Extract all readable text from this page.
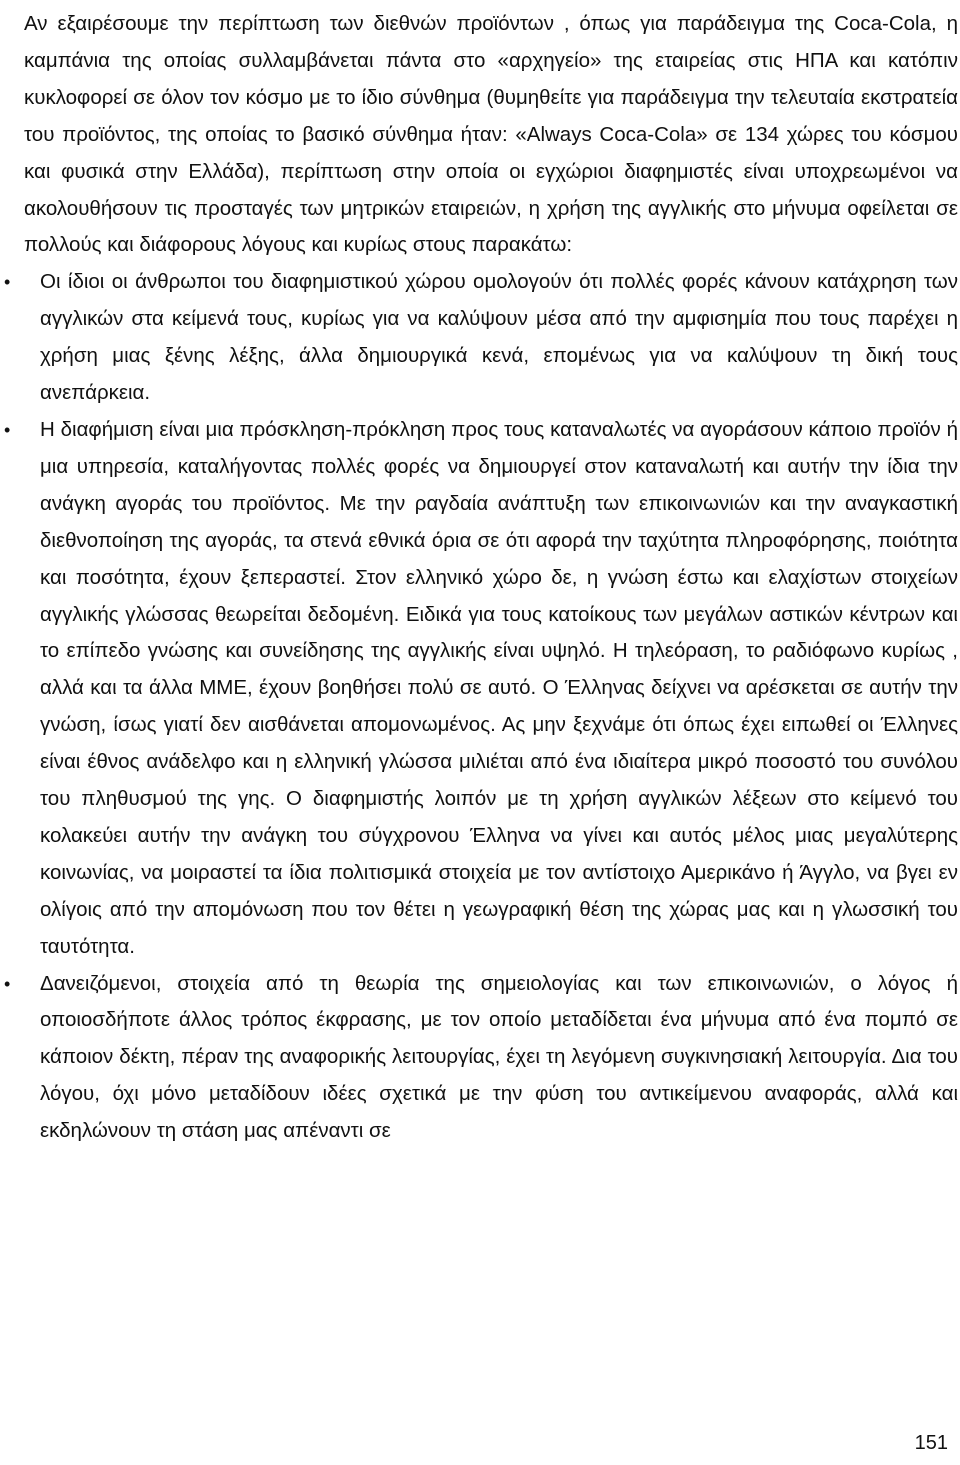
Αν εξαιρέσουμε την περίπτωση των διεθνών προϊόντων , όπως για παράδειγμα της Coca-Cola, η καμπάνια της οποίας συλλαμβάνεται πάντα στο «αρχηγείο» της εταιρείας στις ΗΠΑ και κατόπιν κυκλοφορεί σε όλον τον κόσμο με το ίδιο σύνθημα (θυμηθείτε για παράδειγμα την τελευταία εκστρατεία του προϊόντος, της οποίας το βασικό σύνθημα ήταν: «Always Coca-Cola» σε 134 χώρες του κόσμου και φυσικά στην Ελλάδα), περίπτωση στην οποία οι εγχώριοι διαφημιστές είναι υποχρεωμένοι να ακολουθήσουν τις προσταγές των μητρικών εταιρειών, η χρήση της αγγλικής στο μήνυμα οφείλεται σε πολλούς και διάφορους λόγους και κυρίως στους παρακάτω:

• Οι ίδιοι οι άνθρωποι του διαφημιστικού χώρου ομολογούν ότι πολλές φορές κάνουν κατάχρηση των αγγλικών στα κείμενά τους, κυρίως για να καλύψουν μέσα από την αμφισημία που τους παρέχει η χρήση μιας ξένης λέξης, άλλα δημιουργικά κενά, επομένως για να καλύψουν τη δική τους ανεπάρκεια.
• Η διαφήμιση είναι μια πρόσκληση-πρόκληση προς τους καταναλωτές να αγοράσουν κάποιο προϊόν ή μια υπηρεσία, καταλήγοντας πολλές φορές να δημιουργεί στον καταναλωτή και αυτήν την ίδια την ανάγκη αγοράς του προϊόντος. Με την ραγδαία ανάπτυξη των επικοινωνιών και την αναγκαστική διεθνοποίηση της αγοράς, τα στενά εθνικά όρια σε ότι αφορά την ταχύτητα πληροφόρησης, ποιότητα και ποσότητα, έχουν ξεπεραστεί. Στον ελληνικό χώρο δε, η γνώση έστω και ελαχίστων στοιχείων αγγλικής γλώσσας θεωρείται δεδομένη. Ειδικά για τους κατοίκους των μεγάλων αστικών κέντρων και το επίπεδο γνώσης και συνείδησης της αγγλικής είναι υψηλό. Η τηλεόραση, το ραδιόφωνο κυρίως , αλλά και τα άλλα ΜΜΕ, έχουν βοηθήσει πολύ σε αυτό. Ο Έλληνας δείχνει να αρέσκεται σε αυτήν την γνώση, ίσως γιατί δεν αισθάνεται απομονωμένος. Ας μην ξεχνάμε ότι όπως έχει ειπωθεί οι Έλληνες είναι έθνος ανάδελφο και η ελληνική γλώσσα μιλιέται από ένα ιδιαίτερα μικρό ποσοστό του συνόλου του πληθυσμού της γης. Ο διαφημιστής λοιπόν με τη χρήση αγγλικών λέξεων στο κείμενό του κολακεύει αυτήν την ανάγκη του σύγχρονου Έλληνα να γίνει και αυτός μέλος μιας μεγαλύτερης κοινωνίας, να μοιραστεί τα ίδια πολιτισμικά στοιχεία με τον αντίστοιχο Αμερικάνο ή Άγγλο, να βγει εν ολίγοις από την απομόνωση που τον θέτει η γεωγραφική θέση της χώρας μας και η γλωσσική του ταυτότητα.
• Δανειζόμενοι, στοιχεία από τη θεωρία της σημειολογίας και των επικοινωνιών, ο λόγος ή οποιοσδήποτε άλλος τρόπος έκφρασης, με τον οποίο μεταδίδεται ένα μήνυμα από ένα πομπό σε κάποιον δέκτη, πέραν της αναφορικής λειτουργίας, έχει τη λεγόμενη συγκινησιακή λειτουργία. Δια του λόγου, όχι μόνο μεταδίδουν ιδέες σχετικά με την φύση του αντικείμενου αναφοράς, αλλά και εκδηλώνουν τη στάση μας απέναντι σε
151
